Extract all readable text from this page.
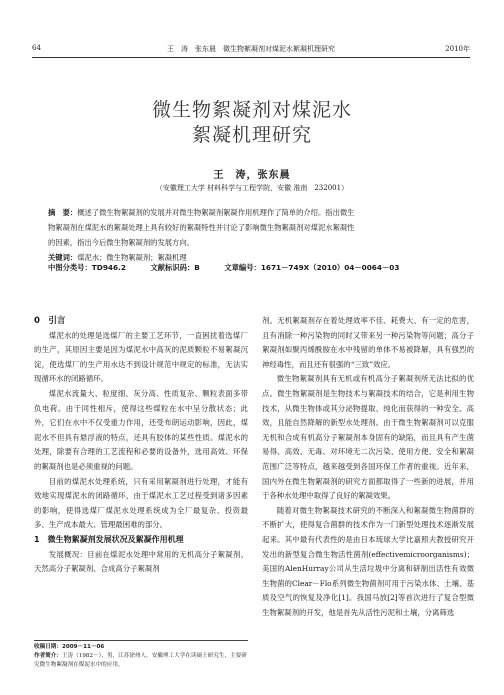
64	王　涛　张东晨　微生物絮凝剂对煤泥水絮凝机理研究	2010年
微生物絮凝剂对煤泥水
絮凝机理研究
王　涛，张东晨
（安徽理工大学 材料科学与工程学院，安徽 淮南　232001）
摘　要：概述了微生物絮凝剂的发展并对微生物絮凝剂絮凝作用机理作了简单的介绍。指出微生
物絮凝剂在煤泥水的絮凝处理上具有较好的絮凝特性并讨论了影响微生物絮凝剂对煤泥水絮凝性
的因素，指出今后微生物絮凝剂的发展方向。
关键词：煤泥水；微生物絮凝剂；絮凝机理
中图分类号：TD946.2	文献标识码：B	文章编号：1671－749X（2010）04－0064－03

0　引言

煤泥水的处理是选煤厂的主要工艺环节，一直困扰着选煤厂的生产，其原因主要是因为煤泥水中高灰的泥质颗粒不易絮凝沉淀，使选煤厂的生产用水达不到设计规范中规定的标准，无法实现循环水的闭路循环。

煤泥水流量大、粒度细、灰分高、性质复杂、颗粒表面多带负电荷。由于同性相斥，使得这些煤粒在水中呈分散状态；此外，它们在水中不仅受重力作用，还受布朗运动影响，因此，煤泥水不但具有悬浮液的特点，还具有胶体的某些性质。煤泥水的处理，除要有合理的工艺流程和必要的设备外，选用高效、环保的絮凝剂也是必须重视的问题。

目前的煤泥水处理系统，只有采用絮凝剂进行处理，才能有效地实现煤泥水的闭路循环，由于煤泥水工艺过程受到诸多因素的影响，使得选煤厂煤泥水处理系统成为全厂最复杂、投资最多、生产成本最大、管理最困难的部分。

1　微生物絮凝剂发展状况及絮凝作用机理

发展概况：目前在煤泥水处理中常用的无机高分子絮凝剂、天然高分子絮凝剂、合成高分子絮凝剂

收稿日期：2009－11－06
作者简介：王涛（1982－），男，江苏徐州人，安徽理工大学在读硕士研究生，主要研究微生物絮凝剂在煤泥水中的应用。

剂。无机絮凝剂存在着处理效率不佳、耗费大、有一定的危害，且有消除一种污染物的同时又带来另一种污染物等问题；高分子絮凝剂如聚丙烯酰胺在水中残留的单体不易被降解，具有强烈的神经毒性，而且还有很强的“三致”效应。

微生物絮凝剂具有无机或有机高分子絮凝剂所无法比拟的优点。微生物絮凝剂是生物技术与絮凝技术的结合，它是利用生物技术，从微生物体或其分泌物提取、纯化而获得的一种安全、高效，且能自然降解的新型水处理剂。由于微生物絮凝剂可以克服无机和合成有机高分子絮凝剂本身固有的缺陷，而且具有产生菌易得、高效、无毒、对环境无二次污染、使用方便、安全和絮凝范围广泛等特点，越来越受到各国环保工作者的重视。近年来，国内外在微生物絮凝剂的研究方面都取得了一些新的进展，并用于各种水处理中取得了良好的絮凝效果。

随着对微生物絮凝技术研究的不断深入和絮凝微生物菌群的不断扩大，使得复合菌群的技术作为一门新型处理技术逐渐发展起来。其中最有代表性的是由日本琉球大学比嘉照夫教授研究开发出的新型复合微生物活性菌剂(effectivemicroorganisms)；美国的AlenHurray公司从生活垃圾中分离和研制出活性有效微生物菌的Clear－Flo系列微生物菌剂可用于污染水体、土壤、基质及空气的恢复及净化[1]。我国马放[2]等首次进行了复合型微生物絮凝剂的开发，他是首先从活性污泥和土壤，分离筛选
